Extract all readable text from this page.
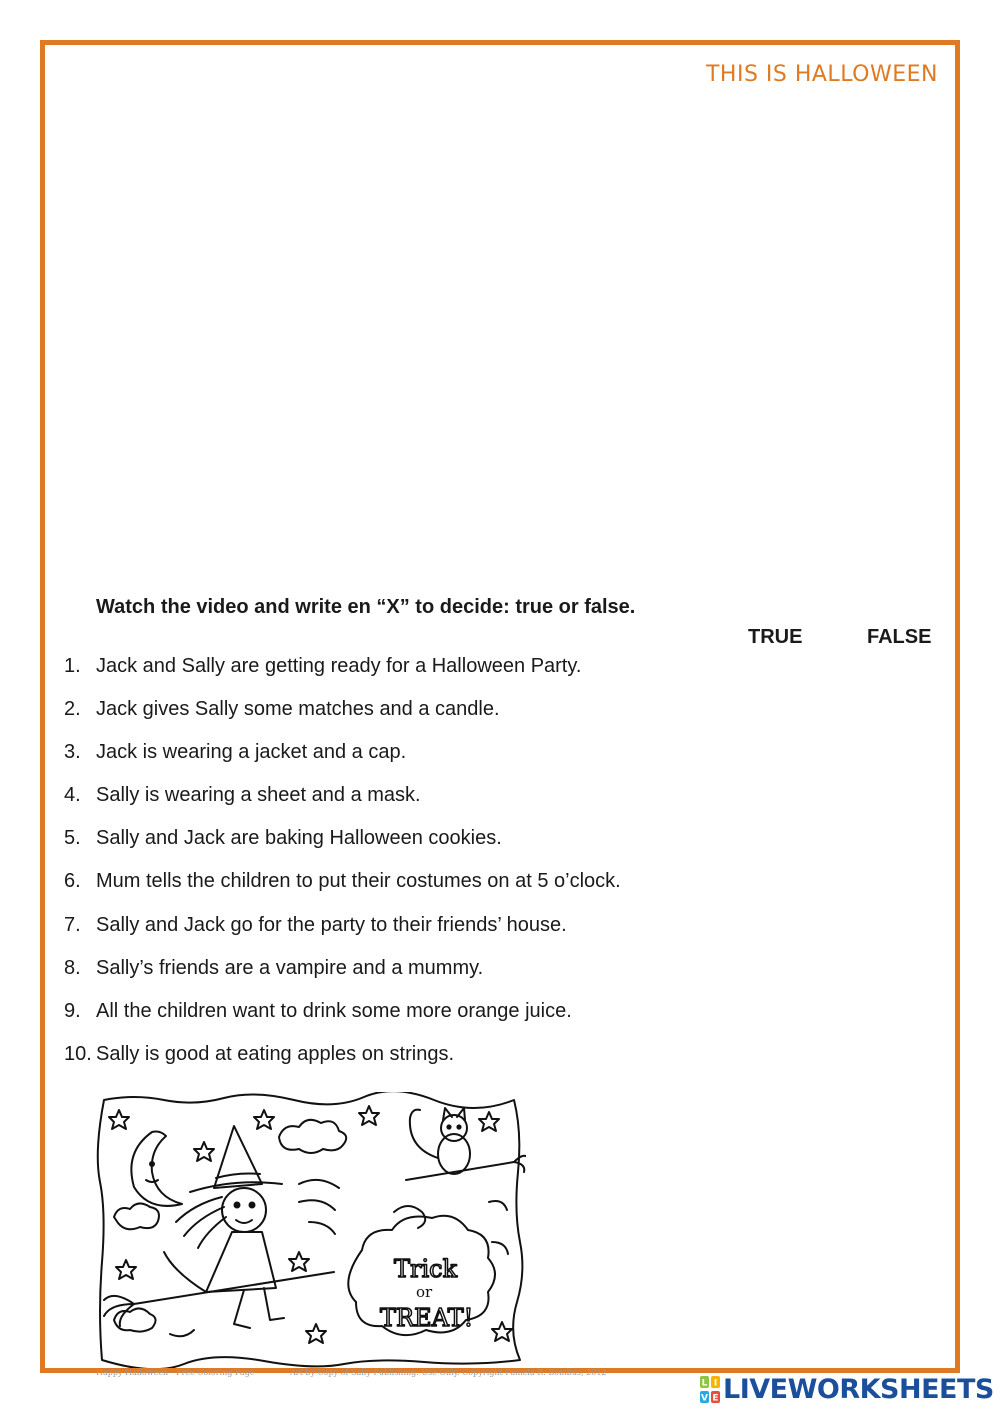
THIS IS HALLOWEEN
Watch the video and write en “X” to decide: true or false.
TRUE	FALSE
1. Jack and Sally are getting ready for a Halloween Party.
2. Jack gives Sally some matches and a candle.
3. Jack is wearing a jacket and a cap.
4. Sally is wearing a sheet and a mask.
5. Sally and Jack are baking Halloween cookies.
6. Mum tells the children to put their costumes on at 5 o’clock.
7. Sally and Jack go for the party to their friends’ house.
8. Sally’s friends are a vampire and a mummy.
9. All the children want to drink some more orange juice.
10. Sally is good at eating apples on strings.
Trick
or
TREAT!
Happy Halloween - Free Coloring Page	Art by Copy of Sally Publishing. Use Only. Copyright Pamela R. Bombus, 2012
L I
V E LIVEWORKSHEETS
